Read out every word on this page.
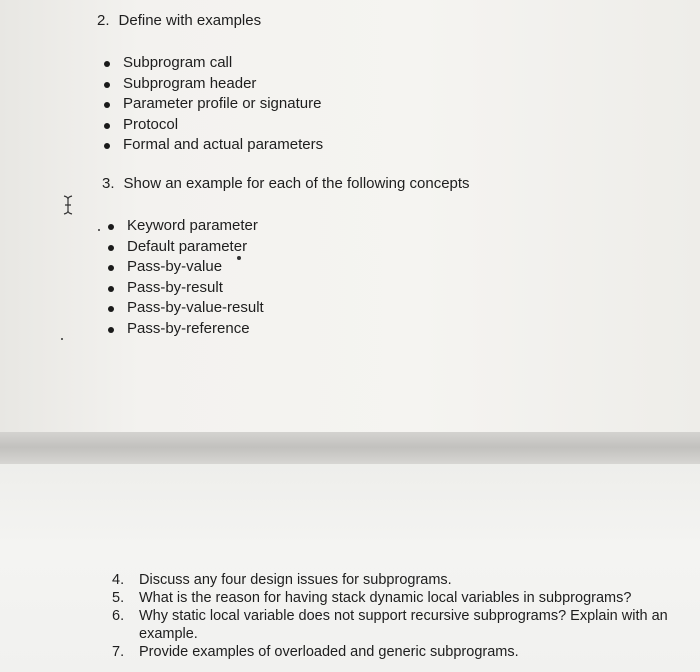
2. Define with examples
Subprogram call
Subprogram header
Parameter profile or signature
Protocol
Formal and actual parameters
3. Show an example for each of the following concepts
Keyword parameter
Default parameter
Pass-by-value
Pass-by-result
Pass-by-value-result
Pass-by-reference
4. Discuss any four design issues for subprograms.
5. What is the reason for having stack dynamic local variables in subprograms?
6. Why static local variable does not support recursive subprograms? Explain with an
example.
7. Provide examples of overloaded and generic subprograms.
